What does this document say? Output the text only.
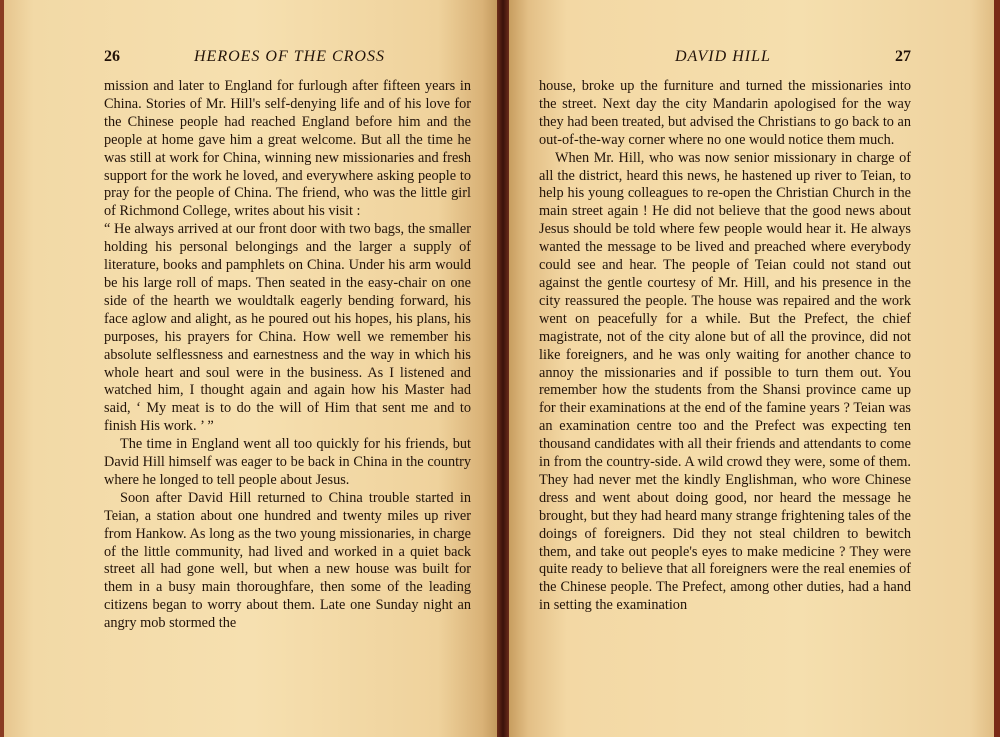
26	HEROES OF THE CROSS

mission and later to England for furlough after fifteen years in China. Stories of Mr. Hill's self-denying life and of his love for the Chinese people had reached England before him and the people at home gave him a great welcome. But all the time he was still at work for China, winning new missionaries and fresh support for the work he loved, and everywhere asking people to pray for the people of China. The friend, who was the little girl of Richmond College, writes about his visit :

“ He always arrived at our front door with two bags, the smaller holding his personal belongings and the larger a supply of literature, books and pamphlets on China. Under his arm would be his large roll of maps. Then seated in the easy-chair on one side of the hearth we wouldtalk eagerly bending forward, his face aglow and alight, as he poured out his hopes, his plans, his purposes, his prayers for China. How well we remember his absolute selflessness and earnestness and the way in which his whole heart and soul were in the business. As I listened and watched him, I thought again and again how his Master had said, ‘ My meat is to do the will of Him that sent me and to finish His work. ’ ”

The time in England went all too quickly for his friends, but David Hill himself was eager to be back in China in the country where he longed to tell people about Jesus.

Soon after David Hill returned to China trouble started in Teian, a station about one hundred and twenty miles up river from Hankow. As long as the two young missionaries, in charge of the little community, had lived and worked in a quiet back street all had gone well, but when a new house was built for them in a busy main thoroughfare, then some of the leading citizens began to worry about them. Late one Sunday night an angry mob stormed the

DAVID HILL	27

house, broke up the furniture and turned the missionaries into the street. Next day the city Mandarin apologised for the way they had been treated, but advised the Christians to go back to an out-of-the-way corner where no one would notice them much.

When Mr. Hill, who was now senior missionary in charge of all the district, heard this news, he hastened up river to Teian, to help his young colleagues to re-open the Christian Church in the main street again ! He did not believe that the good news about Jesus should be told where few people would hear it. He always wanted the message to be lived and preached where everybody could see and hear. The people of Teian could not stand out against the gentle courtesy of Mr. Hill, and his presence in the city reassured the people. The house was repaired and the work went on peacefully for a while. But the Prefect, the chief magistrate, not of the city alone but of all the province, did not like foreigners, and he was only waiting for another chance to annoy the missionaries and if possible to turn them out. You remember how the students from the Shansi province came up for their examinations at the end of the famine years ? Teian was an examination centre too and the Prefect was expecting ten thousand candidates with all their friends and attendants to come in from the country-side. A wild crowd they were, some of them. They had never met the kindly Englishman, who wore Chinese dress and went about doing good, nor heard the message he brought, but they had heard many strange frightening tales of the doings of foreigners. Did they not steal children to bewitch them, and take out people's eyes to make medicine ? They were quite ready to believe that all foreigners were the real enemies of the Chinese people. The Prefect, among other duties, had a hand in setting the examination
